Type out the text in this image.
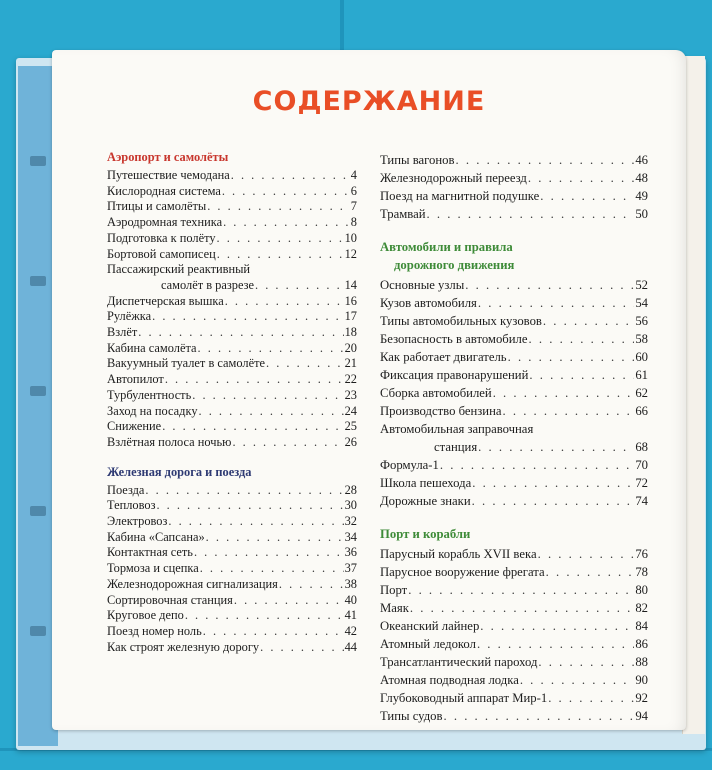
СОДЕРЖАНИЕ
Аэропорт и самолёты
Путешествие чемодана . . .	4
Кислородная система . . .	6
Птицы и самолёты . . .	7
Аэродромная техника . . .	8
Подготовка к полёту . . .	10
Бортовой самописец . . .	12
Пассажирский реактивный
самолёт в разрезе . . .	14
Диспетчерская вышка . . .	16
Рулёжка . . .	17
Взлёт . . .	18
Кабина самолёта . . .	20
Вакуумный туалет в самолёте . . .	21
Автопилот . . .	22
Турбулентность . . .	23
Заход на посадку . . .	24
Снижение . . .	25
Взлётная полоса ночью . . .	26
Железная дорога и поезда
Поезда . . .	28
Тепловоз . . .	30
Электровоз . . .	32
Кабина «Сапсана» . . .	34
Контактная сеть . . .	36
Тормоза и сцепка . . .	37
Железнодорожная сигнализация . . .	38
Сортировочная станция . . .	40
Круговое депо . . .	41
Поезд номер ноль . . .	42
Как строят железную дорогу . . .	44
Типы вагонов . . .	46
Железнодорожный переезд . . .	48
Поезд на магнитной подушке . . .	49
Трамвай . . .	50
Автомобили и правила
дорожного движения
Основные узлы . . .	52
Кузов автомобиля . . .	54
Типы автомобильных кузовов . . .	56
Безопасность в автомобиле . . .	58
Как работает двигатель . . .	60
Фиксация правонарушений . . .	61
Сборка автомобилей . . .	62
Производство бензина . . .	66
Автомобильная заправочная
станция . . .	68
Формула-1 . . .	70
Школа пешехода . . .	72
Дорожные знаки . . .	74
Порт и корабли
Парусный корабль XVII века . . .	76
Парусное вооружение фрегата . . .	78
Порт . . .	80
Маяк . . .	82
Океанский лайнер . . .	84
Атомный ледокол . . .	86
Трансатлантический пароход . . .	88
Атомная подводная лодка . . .	90
Глубоководный аппарат Мир-1 . . .	92
Типы судов . . .	94
